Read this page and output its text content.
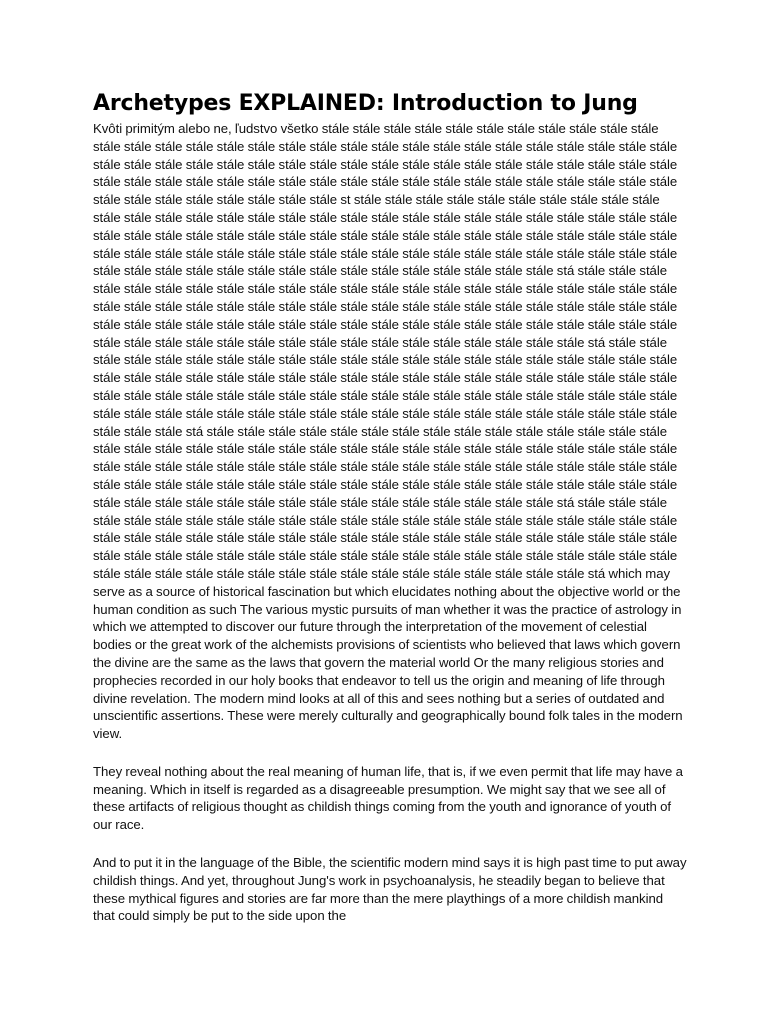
Archetypes EXPLAINED: Introduction to Jung

Kvôti primitým alebo ne, ľudstvo všetko stále stále stále stále stále stále stále stále stále stále stále stále stále stále stále stále stále stále stále stále stále stále stále stále stále stále stále stále stále stále stále stále stále stále stále stále stále stále stále stále stále stále stále stále stále stále stále stále stále stále stále stále stále stále stále stále stále stále stále stále stále stále stále stále stále stále stále stále stále stále stále stále stále stále stále stále st stále stále stále stále stále stále stále stále stále stále stále stále stále stále stále stále stále stále stále stále stále stále stále stále stále stále stále stále stále stále stále stále stále stále stále stále stále stále stále stále stále stále stále stále stále stále stále stále stále stále stále stále stále stále stále stále stále stále stále stále stále stále stále stále stále stále stále stále stále stále stále stále stále stále stále stále stále stále stále stále stále stále stá stále stále stále stále stále stále stále stále stále stále stále stále stále stále stále stále stále stále stále stále stále stále stále stále stále stále stále stále stále stále stále stále stále stále stále stále stále stále stále stále stále stále stále stále stále stále stále stále stále stále stále stále stále stále stále stále stále stále stále stále stále stále stále stále stále stále stále stále stále stále stále stále stále stále stále stále stá stále stále stále stále stále stále stále stále stále stále stále stále stále stále stále stále stále stále stále stále stále stále stále stále stále stále stále stále stále stále stále stále stále stále stále stále stále stále stále stále stále stále stále stále stále stále stále stále stále stále stále stále stále stále stále stále stále stále stále stále stále stále stále stále stále stále stále stále stále stále stále stále stále stále stále stále stále stále stále stále stále stá stále stále stále stále stále stále stále stále stále stále stále stále stále stále stále stále stále stále stále stále stále stále stále stále stále stále stále stále stále stále stále stále stále stále stále stále stále stále stále stále stále stále stále stále stále stále stále stále stále stále stále stále stále stále stále stále stále stále stále stále stále stále stále stále stále stále stále stále stále stále stále stále stále stále stále stále stále stále stále stále stále stále stále stále stále stále stále stá stále stále stále stále stále stále stále stále stále stále stále stále stále stále stále stále stále stále stále stále stále stále stále stále stále stále stále stále stále stále stále stále stále stále stále stále stále stále stále stále stále stále stále stále stále stále stále stále stále stále stále stále stále stále stále stále stále stále stále stále stále stále stále stále stále stále stále stále stále stále stále stále stále stále stále stále stá which may serve as a source of historical fascination but which elucidates nothing about the objective world or the human condition as such The various mystic pursuits of man whether it was the practice of astrology in which we attempted to discover our future through the interpretation of the movement of celestial bodies or the great work of the alchemists provisions of scientists who believed that laws which govern the divine are the same as the laws that govern the material world Or the many religious stories and prophecies recorded in our holy books that endeavor to tell us the origin and meaning of life through divine revelation. The modern mind looks at all of this and sees nothing but a series of outdated and unscientific assertions. These were merely culturally and geographically bound folk tales in the modern view.

They reveal nothing about the real meaning of human life, that is, if we even permit that life may have a meaning. Which in itself is regarded as a disagreeable presumption. We might say that we see all of these artifacts of religious thought as childish things coming from the youth and ignorance of youth of our race.

And to put it in the language of the Bible, the scientific modern mind says it is high past time to put away childish things. And yet, throughout Jung's work in psychoanalysis, he steadily began to believe that these mythical figures and stories are far more than the mere playthings of a more childish mankind that could simply be put to the side upon the
